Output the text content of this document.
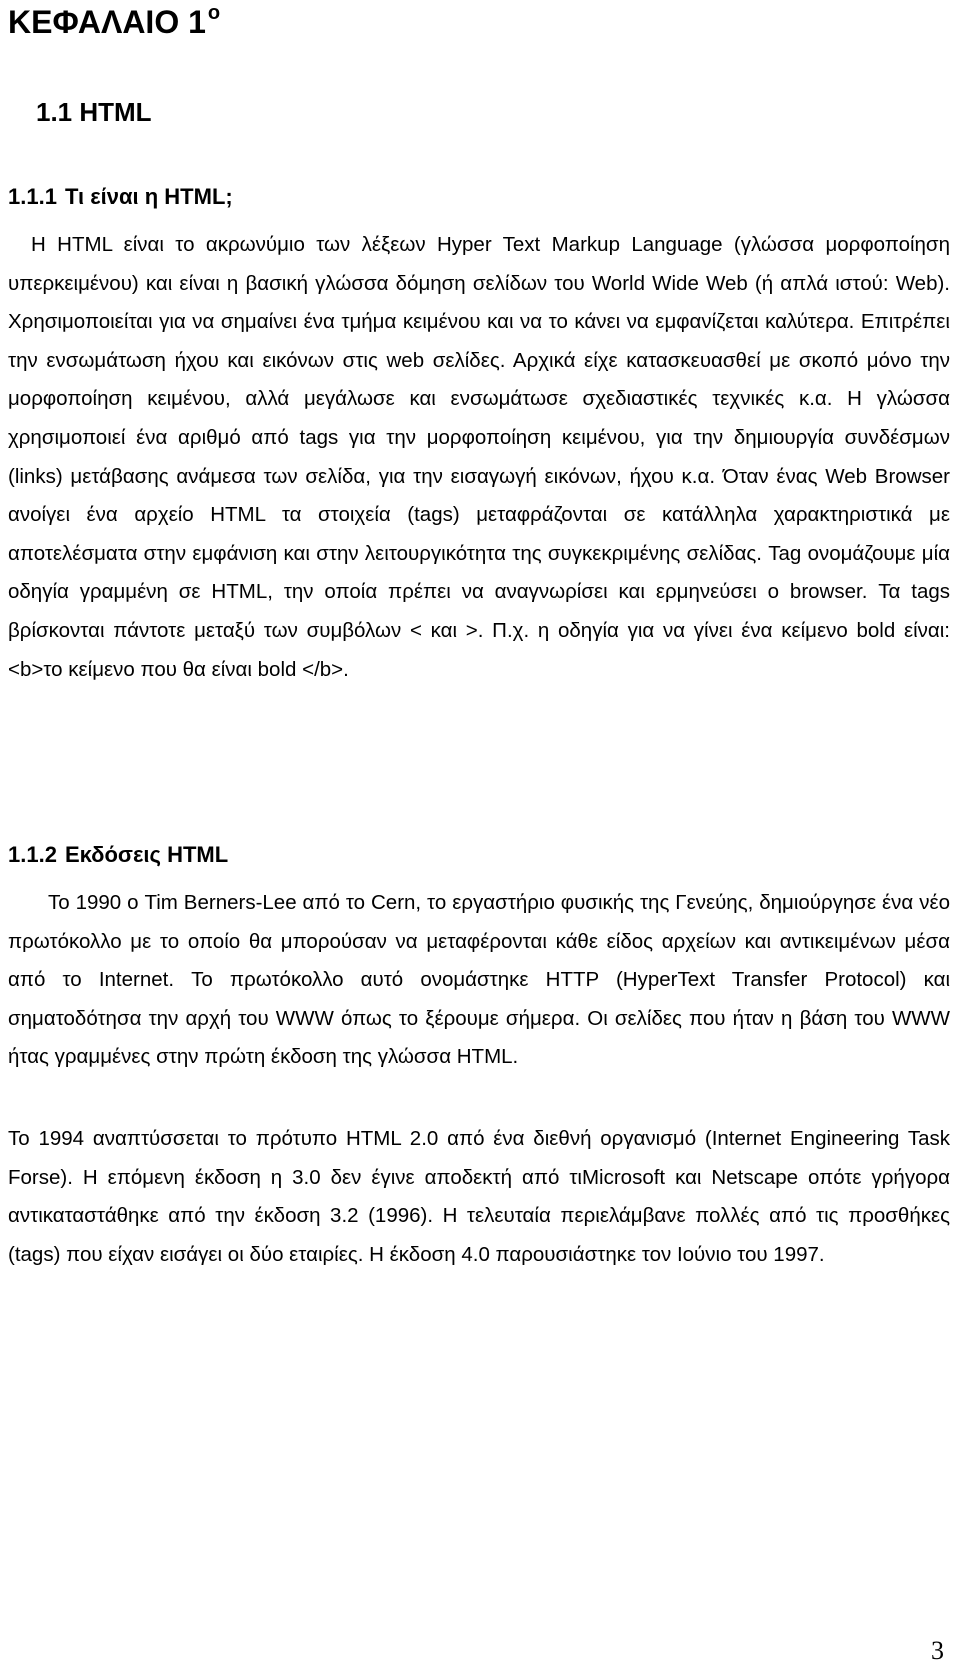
ΚΕΦΑΛΑΙΟ 1 $^o$
1.1 HTML
1.1.1 Τι είναι η HTML;
Η HTML είναι το ακρωνύμιο των λέξεων Hyper Text Markup Language (γλώσσα μορφοποίηση υπερκειμένου) και είναι η βασική γλώσσα δόμηση σελίδων του World Wide Web (ή απλά ιστού: Web). Χρησιμοποιείται για να σημαίνει ένα τμήμα κειμένου και να το κάνει να εμφανίζεται καλύτερα. Επιτρέπει την ενσωμάτωση ήχου και εικόνων στις web σελίδες. Αρχικά είχε κατασκευασθεί με σκοπό μόνο την μορφοποίηση κειμένου, αλλά μεγάλωσε και ενσωμάτωσε σχεδιαστικές τεχνικές κ.α. Η γλώσσα χρησιμοποιεί ένα αριθμό από tags για την μορφοποίηση κειμένου, για την δημιουργία συνδέσμων (links) μετάβασης ανάμεσα των σελίδα, για την εισαγωγή εικόνων, ήχου κ.α. Όταν ένας Web Browser ανοίγει ένα αρχείο HTML τα στοιχεία (tags) μεταφράζονται σε κατάλληλα χαρακτηριστικά με αποτελέσματα στην εμφάνιση και στην λειτουργικότητα της συγκεκριμένης σελίδας. Tag ονομάζουμε μία οδηγία γραμμένη σε HTML, την οποία πρέπει να αναγνωρίσει και ερμηνεύσει ο browser. Τα tags βρίσκονται πάντοτε μεταξύ των συμβόλων < και >. Π.χ. η οδηγία για να γίνει ένα κείμενο bold είναι: <b>το κείμενο που θα είναι bold </b>.
1.1.2 Εκδόσεις HTML
Το 1990 ο Tim Berners-Lee από το Cern, το εργαστήριο φυσικής της Γενεύης, δημιούργησε ένα νέο πρωτόκολλο με το οποίο θα μπορούσαν να μεταφέρονται κάθε είδος αρχείων και αντικειμένων μέσα από το Internet. Το πρωτόκολλο αυτό ονομάστηκε HTTP (HyperText Transfer Protocol) και σηματοδότησα την αρχή του WWW όπως το ξέρουμε σήμερα. Οι σελίδες που ήταν η βάση του WWW ήτας γραμμένες στην πρώτη έκδοση της γλώσσα HTML.
Το 1994 αναπτύσσεται το πρότυπο HTML 2.0 από ένα διεθνή οργανισμό (Internet Engineering Task Forse). Η επόμενη έκδοση η 3.0 δεν έγινε αποδεκτή από τιMicrosoft και Netscape οπότε γρήγορα αντικαταστάθηκε από την έκδοση 3.2 (1996). Η τελευταία περιελάμβανε πολλές από τις προσθήκες (tags) που είχαν εισάγει οι δύο εταιρίες. Η έκδοση 4.0 παρουσιάστηκε τον Ιούνιο του 1997.
3
